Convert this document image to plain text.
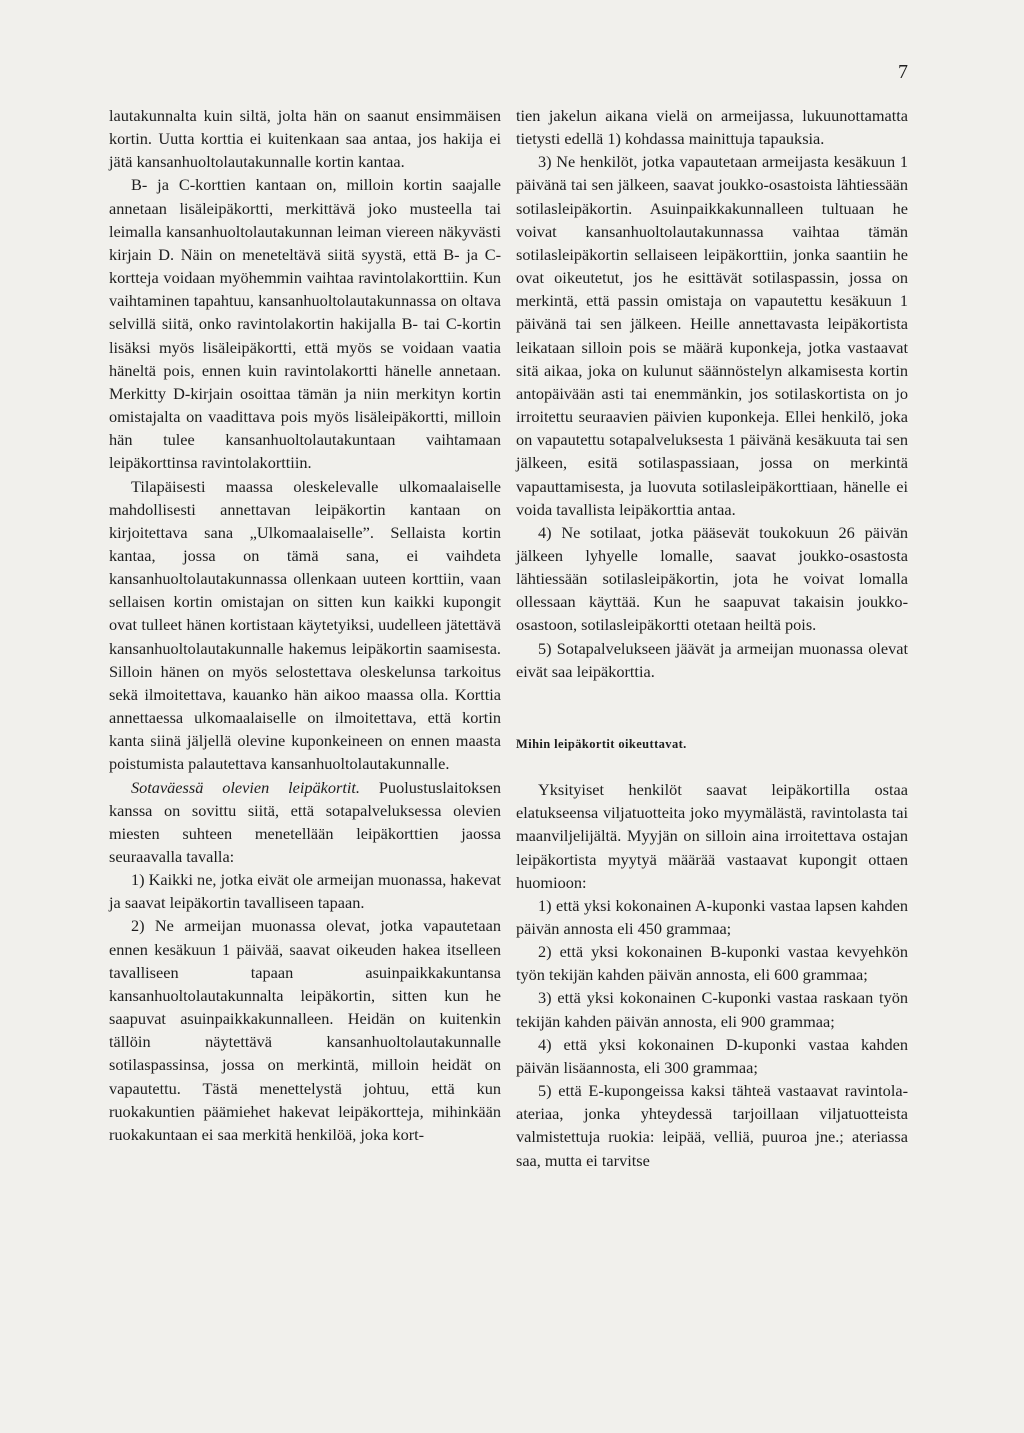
7

lautakunnalta kuin siltä, jolta hän on saanut ensimmäisen kortin. Uutta korttia ei kuitenkaan saa antaa, jos hakija ei jätä kansanhuoltolautakunnalle kortin kantaa.

B- ja C-korttien kantaan on, milloin kortin saajalle annetaan lisäleipäkortti, merkittävä joko musteella tai leimalla kansanhuoltolautakunnan leiman viereen näkyvästi kirjain D. Näin on meneteltävä siitä syystä, että B- ja C-kortteja voidaan myöhemmin vaihtaa ravintolakorttiin. Kun vaihtaminen tapahtuu, kansanhuoltolautakunnassa on oltava selvillä siitä, onko ravintolakortin hakijalla B- tai C-kortin lisäksi myös lisäleipäkortti, että myös se voidaan vaatia häneltä pois, ennen kuin ravintolakortti hänelle annetaan. Merkitty D-kirjain osoittaa tämän ja niin merkityn kortin omistajalta on vaadittava pois myös lisäleipäkortti, milloin hän tulee kansanhuoltolautakuntaan vaihtamaan leipäkorttinsa ravintolakorttiin.

Tilapäisesti maassa oleskelevalle ulkomaalaiselle mahdollisesti annettavan leipäkortin kantaan on kirjoitettava sana „Ulkomaalaiselle”. Sellaista kortin kantaa, jossa on tämä sana, ei vaihdeta kansanhuoltolautakunnassa ollenkaan uuteen korttiin, vaan sellaisen kortin omistajan on sitten kun kaikki kupongit ovat tulleet hänen kortistaan käytetyiksi, uudelleen jätettävä kansanhuoltolautakunnalle hakemus leipäkortin saamisesta. Silloin hänen on myös selostettava oleskelunsa tarkoitus sekä ilmoitettava, kauanko hän aikoo maassa olla. Korttia annettaessa ulkomaalaiselle on ilmoitettava, että kortin kanta siinä jäljellä olevine kuponkeineen on ennen maasta poistumista palautettava kansanhuoltolautakunnalle.

Sotaväessä olevien leipäkortit. Puolustuslaitoksen kanssa on sovittu siitä, että sotapalveluksessa olevien miesten suhteen menetellään leipäkorttien jaossa seuraavalla tavalla:

1) Kaikki ne, jotka eivät ole armeijan muonassa, hakevat ja saavat leipäkortin tavalliseen tapaan.

2) Ne armeijan muonassa olevat, jotka vapautetaan ennen kesäkuun 1 päivää, saavat oikeuden hakea itselleen tavalliseen tapaan asuinpaikkakuntansa kansanhuoltolautakunnalta leipäkortin, sitten kun he saapuvat asuinpaikkakunnalleen. Heidän on kuitenkin tällöin näytettävä kansanhuoltolautakunnalle sotilaspassinsa, jossa on merkintä, milloin heidät on vapautettu. Tästä menettelystä johtuu, että kun ruokakuntien päämiehet hakevat leipäkortteja, mihinkään ruokakuntaan ei saa merkitä henkilöä, joka kort-

tien jakelun aikana vielä on armeijassa, lukuunottamatta tietysti edellä 1) kohdassa mainittuja tapauksia.

3) Ne henkilöt, jotka vapautetaan armeijasta kesäkuun 1 päivänä tai sen jälkeen, saavat joukko-osastoista lähtiessään sotilasleipäkortin. Asuinpaikkakunnalleen tultuaan he voivat kansanhuoltolautakunnassa vaihtaa tämän sotilasleipäkortin sellaiseen leipäkorttiin, jonka saantiin he ovat oikeutetut, jos he esittävät sotilaspassin, jossa on merkintä, että passin omistaja on vapautettu kesäkuun 1 päivänä tai sen jälkeen. Heille annettavasta leipäkortista leikataan silloin pois se määrä kuponkeja, jotka vastaavat sitä aikaa, joka on kulunut säännöstelyn alkamisesta kortin antopäivään asti tai enemmänkin, jos sotilaskortista on jo irroitettu seuraavien päivien kuponkeja. Ellei henkilö, joka on vapautettu sotapalveluksesta 1 päivänä kesäkuuta tai sen jälkeen, esitä sotilaspassiaan, jossa on merkintä vapauttamisesta, ja luovuta sotilasleipäkorttiaan, hänelle ei voida tavallista leipäkorttia antaa.

4) Ne sotilaat, jotka pääsevät toukokuun 26 päivän jälkeen lyhyelle lomalle, saavat joukko-osastosta lähtiessään sotilasleipäkortin, jota he voivat lomalla ollessaan käyttää. Kun he saapuvat takaisin joukko-osastoon, sotilasleipäkortti otetaan heiltä pois.

5) Sotapalvelukseen jäävät ja armeijan muonassa olevat eivät saa leipäkorttia.

Mihin leipäkortit oikeuttavat.

Yksityiset henkilöt saavat leipäkortilla ostaa elatukseensa viljatuotteita joko myymälästä, ravintolasta tai maanviljelijältä. Myyjän on silloin aina irroitettava ostajan leipäkortista myytyä määrää vastaavat kupongit ottaen huomioon:

1) että yksi kokonainen A-kuponki vastaa lapsen kahden päivän annosta eli 450 grammaa;

2) että yksi kokonainen B-kuponki vastaa kevyehkön työn tekijän kahden päivän annosta, eli 600 grammaa;

3) että yksi kokonainen C-kuponki vastaa raskaan työn tekijän kahden päivän annosta, eli 900 grammaa;

4) että yksi kokonainen D-kuponki vastaa kahden päivän lisäannosta, eli 300 grammaa;

5) että E-kupongeissa kaksi tähteä vastaavat ravintola-ateriaa, jonka yhteydessä tarjoillaan viljatuotteista valmistettuja ruokia: leipää, velliä, puuroa jne.; ateriassa saa, mutta ei tarvitse
